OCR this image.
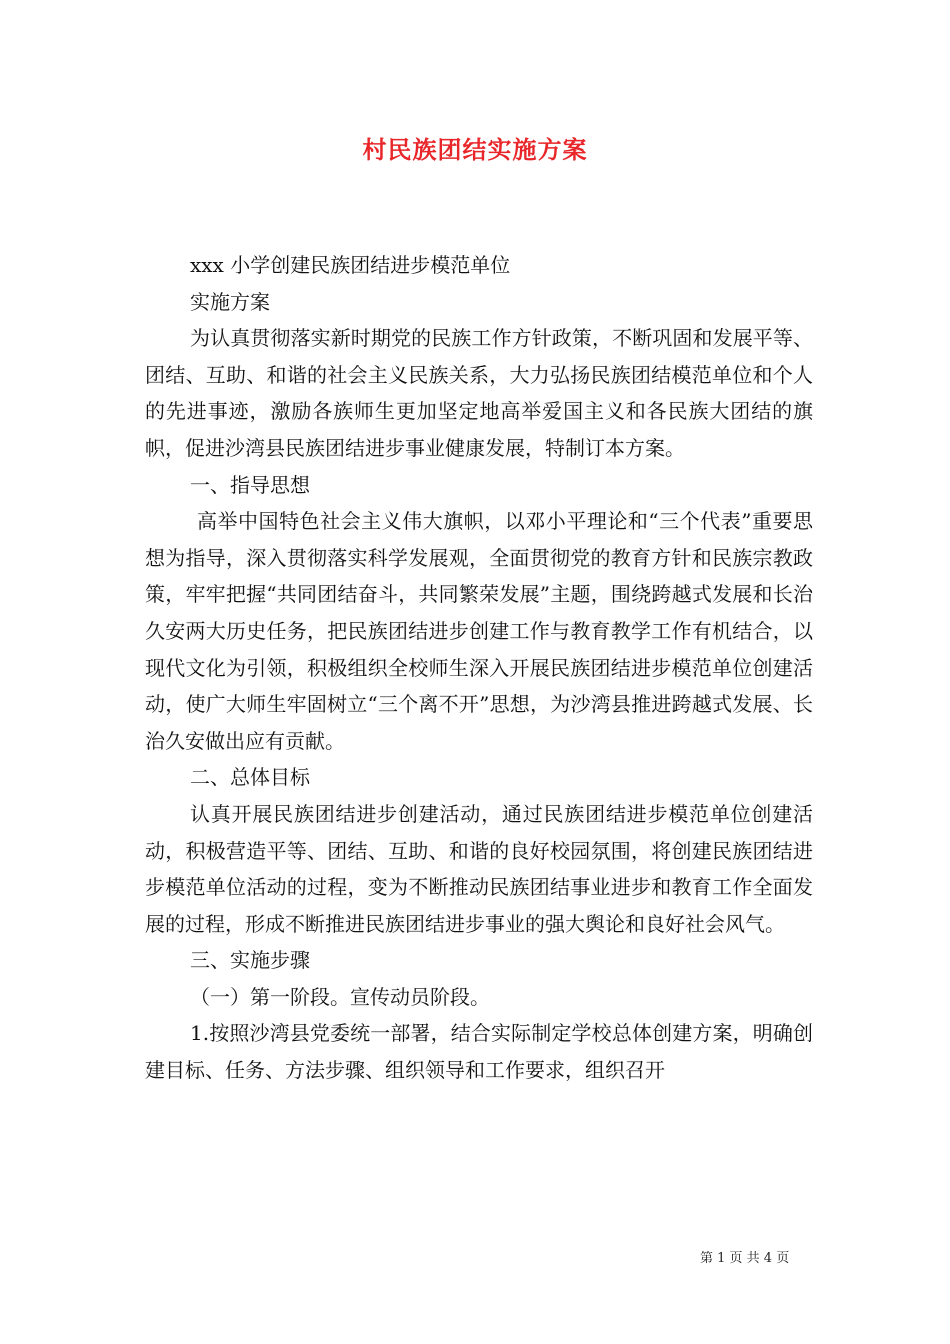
村民族团结实施方案

xxx 小学创建民族团结进步模范单位

实施方案

为认真贯彻落实新时期党的民族工作方针政策，不断巩固和发展平等、团结、互助、和谐的社会主义民族关系，大力弘扬民族团结模范单位和个人的先进事迹，激励各族师生更加坚定地高举爱国主义和各民族大团结的旗帜，促进沙湾县民族团结进步事业健康发展，特制订本方案。

一、指导思想

高举中国特色社会主义伟大旗帜，以邓小平理论和“三个代表”重要思想为指导，深入贯彻落实科学发展观，全面贯彻党的教育方针和民族宗教政策，牢牢把握“共同团结奋斗，共同繁荣发展”主题，围绕跨越式发展和长治久安两大历史任务，把民族团结进步创建工作与教育教学工作有机结合，以现代文化为引领，积极组织全校师生深入开展民族团结进步模范单位创建活动，使广大师生牢固树立“三个离不开”思想，为沙湾县推进跨越式发展、长治久安做出应有贡献。

二、总体目标

认真开展民族团结进步创建活动，通过民族团结进步模范单位创建活动，积极营造平等、团结、互助、和谐的良好校园氛围，将创建民族团结进步模范单位活动的过程，变为不断推动民族团结事业进步和教育工作全面发展的过程，形成不断推进民族团结进步事业的强大舆论和良好社会风气。

三、实施步骤

（一）第一阶段。宣传动员阶段。

1.按照沙湾县党委统一部署，结合实际制定学校总体创建方案，明确创建目标、任务、方法步骤、组织领导和工作要求，组织召开

第 1 页 共 4 页
